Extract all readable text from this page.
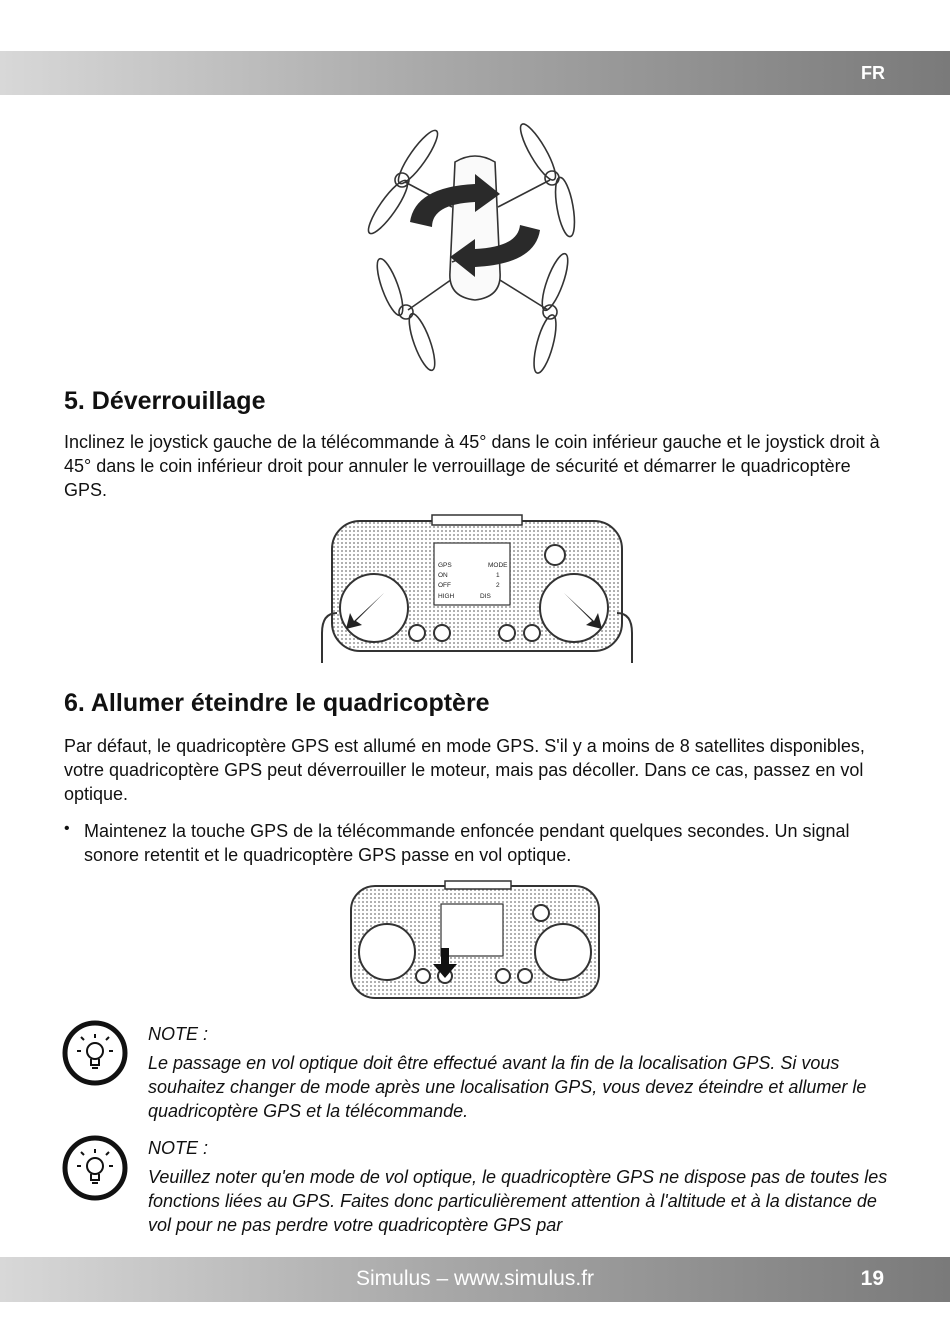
FR
5. Déverrouillage

Inclinez le joystick gauche de la télécommande à 45° dans le coin inférieur gauche et le joystick droit à 45° dans le coin inférieur droit pour annuler le verrouillage de sécurité et démarrer le quadricoptère GPS.

GPS	MODE
ON	1
OFF	2
HIGH	DIS
6. Allumer éteindre le quadricoptère

Par défaut, le quadricoptère GPS est allumé en mode GPS. S'il y a moins de 8 satellites disponibles, votre quadricoptère GPS peut déverrouiller le moteur, mais pas décoller. Dans ce cas, passez en vol optique.

• Maintenez la touche GPS de la télécommande enfoncée pendant quelques secondes. Un signal sonore retentit et le quadricoptère GPS passe en vol optique.

NOTE :
Le passage en vol optique doit être effectué avant la fin de la localisation GPS. Si vous souhaitez changer de mode après une localisation GPS, vous devez éteindre et allumer le quadricoptère GPS et la télécommande.
NOTE :
Veuillez noter qu'en mode de vol optique, le quadricoptère GPS ne dispose pas de toutes les fonctions liées au GPS. Faites donc particulièrement attention à l'altitude et à la distance de vol pour ne pas perdre votre quadricoptère GPS par
Simulus – www.simulus.fr	19
